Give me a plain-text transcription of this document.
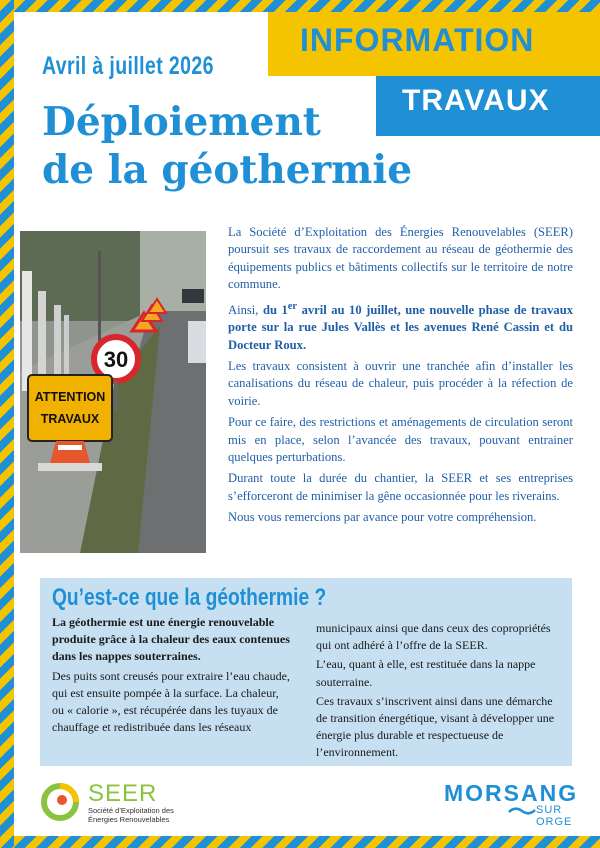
INFORMATION
TRAVAUX
Avril à juillet 2026
Déploiement
de la géothermie
30
ATTENTION
TRAVAUX

La Société d’Exploitation des Énergies Renouvelables (SEER) poursuit ses travaux de raccordement au réseau de géothermie des équipements publics et bâtiments collectifs sur le territoire de notre commune.

Ainsi, du 1er avril au 10 juillet, une nouvelle phase de travaux porte sur la rue Jules Vallès et les avenues René Cassin et du Docteur Roux.

Les travaux consistent à ouvrir une tranchée afin d’installer les canalisations du réseau de chaleur, puis procéder à la réfection de voirie.

Pour ce faire, des restrictions et aménagements de circulation seront mis en place, selon l’avancée des travaux, pouvant entrainer quelques perturbations.

Durant toute la durée du chantier, la SEER et ses entreprises s’efforceront de minimiser la gêne occasionnée pour les riverains.

Nous vous remercions par avance pour votre compréhension.

Qu’est-ce que la géothermie ?

La géothermie est une énergie renouvelable produite grâce à la chaleur des eaux contenues dans les nappes souterraines.

Des puits sont creusés pour extraire l’eau chaude, qui est ensuite pompée à la surface. La chaleur, ou « calorie », est récupérée dans les tuyaux de chauffage et redistribuée dans les réseaux

municipaux ainsi que dans ceux des copropriétés qui ont adhéré à l’offre de la SEER.

L’eau, quant à elle, est restituée dans la nappe souterraine.

Ces travaux s’inscrivent ainsi dans une démarche de transition énergétique, visant à développer une énergie plus durable et respectueuse de l’environnement.

SEER
Société d’Exploitation des Énergies Renouvelables
MORSANG
SUR
ORGE
